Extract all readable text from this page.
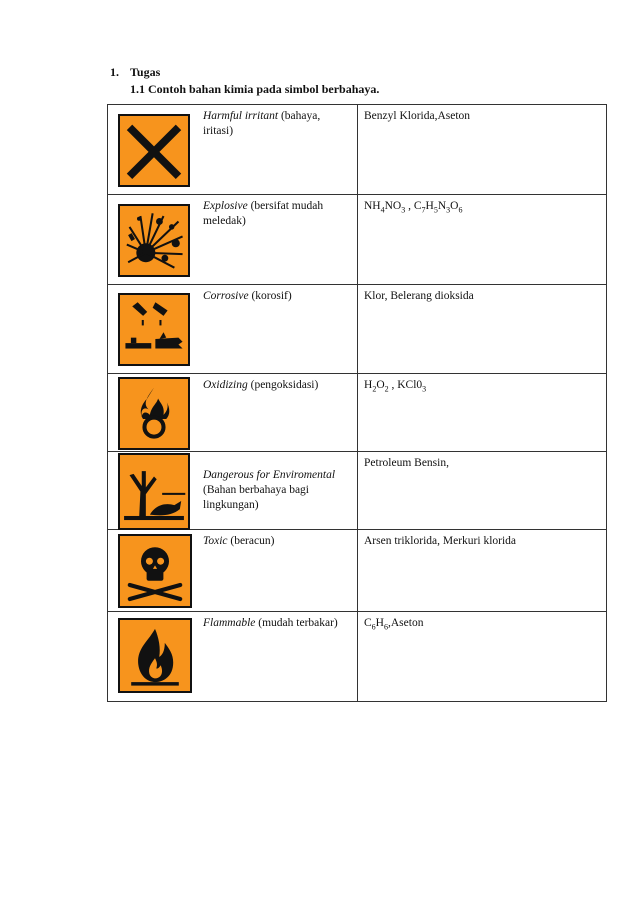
1. Tugas
1.1 Contoh bahan kimia pada simbol berbahaya.
	Harmful irritant (bahaya, iritasi)	Benzyl Klorida,Aseton

	Explosive (bersifat mudah meledak)	$NH_4NO_3$ , $C_7H_5N_3O_6$

	Corrosive (korosif)	Klor, Belerang dioksida

	Oxidizing (pengoksidasi)	$H_2O_2$ , $KCl0_3$

	Dangerous for Enviromental (Bahan berbahaya bagi lingkungan)	Petroleum Bensin,

	Toxic (beracun)	Arsen triklorida, Merkuri klorida

	Flammable (mudah terbakar)	$C_6H_6,Aseton$
